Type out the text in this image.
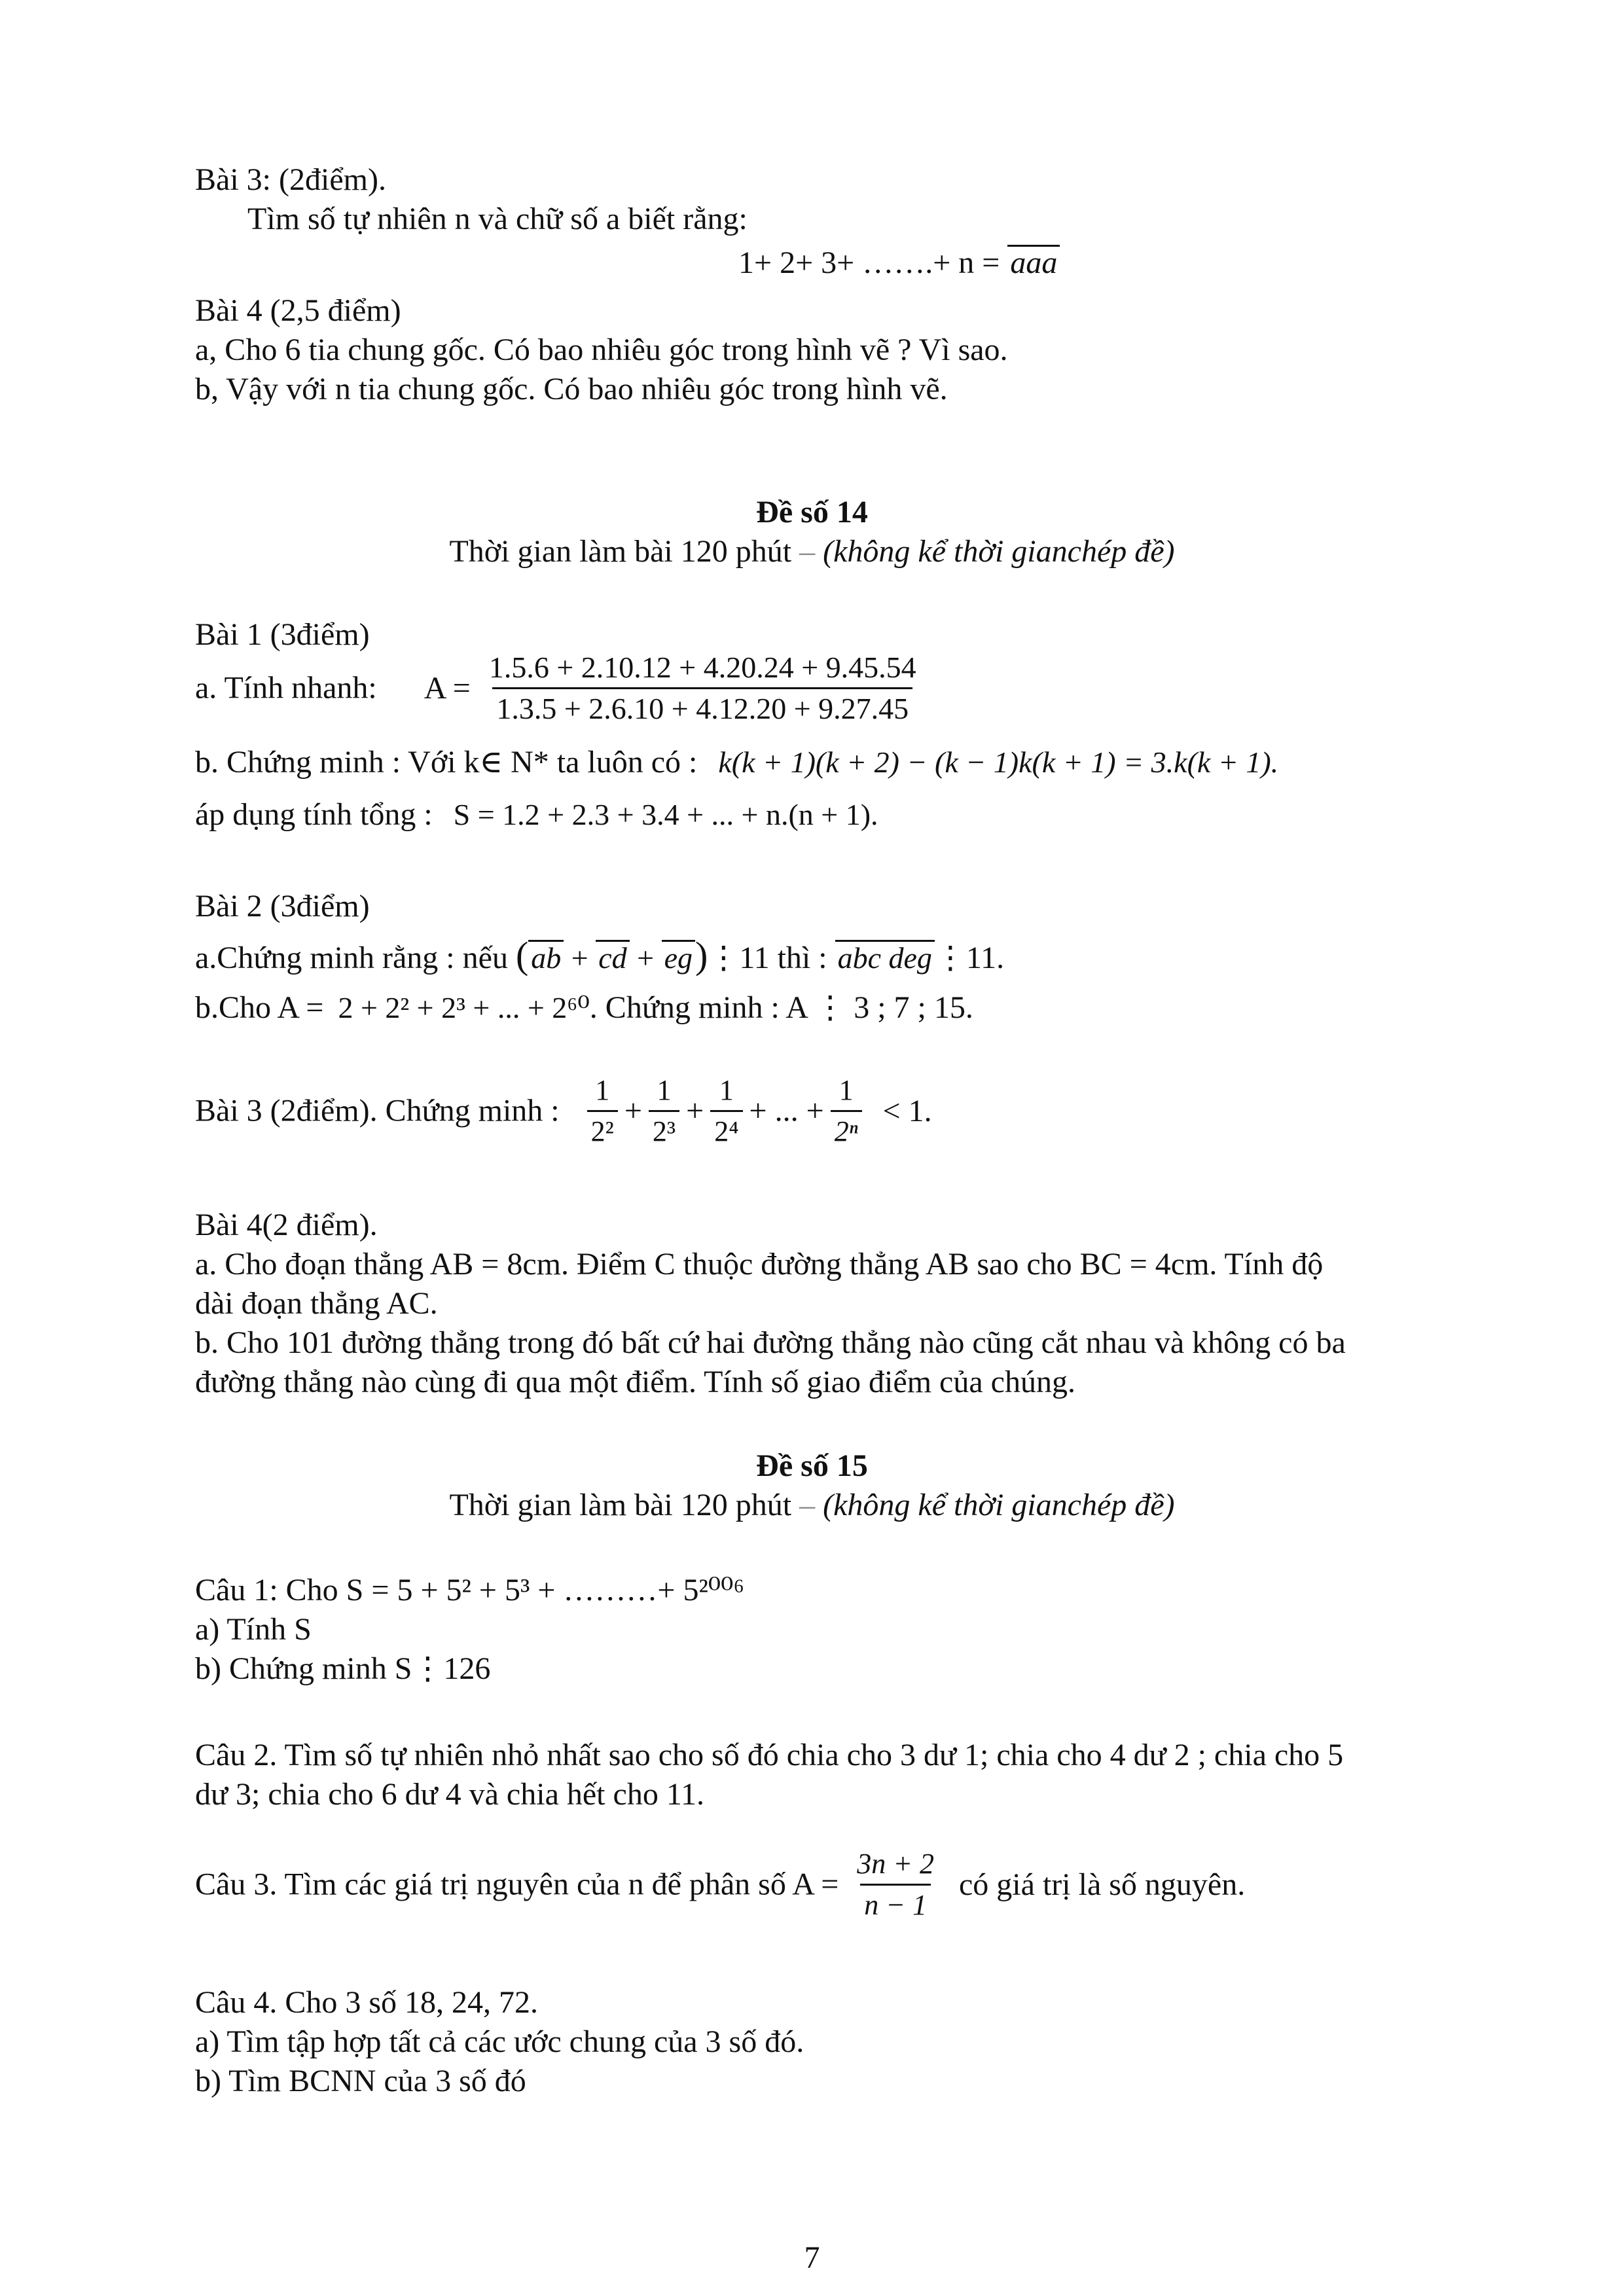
Bài 3: (2điểm).

Tìm số tự nhiên n và chữ số a biết rằng:

1+ 2+ 3+ …….+ n = aaa

Bài 4 (2,5 điểm)

a, Cho 6 tia chung gốc. Có bao nhiêu góc trong hình vẽ ? Vì sao.

b, Vậy với n tia chung gốc. Có bao nhiêu góc trong hình vẽ.

Đề số 14

Thời gian làm bài 120 phút – (không kể thời gianchép đề)

Bài 1 (3điểm)

a. Tính nhanh: $A = \frac{1.5.6 + 2.10.12 + 4.20.24 + 9.45.54}{1.3.5 + 2.6.10 + 4.12.20 + 9.27.45}$

b. Chứng minh : Với k∈ N* ta luôn có : k(k + 1)(k + 2) − (k − 1)k(k + 1) = 3.k(k + 1).

áp dụng tính tổng : S = 1.2 + 2.3 + 3.4 + ... + n.(n + 1).

Bài 2 (3điểm)

a.Chứng minh rằng : nếu (ab + cd + eg)⋮11 thì : abc deg⋮11.

b.Cho A = 2 + 2² + 2³ + ... + 2⁶⁰. Chứng minh : A ⋮ 3 ; 7 ; 15.

Bài 3 (2điểm). Chứng minh : $\frac{1}{\text{2²}} + \frac{1}{\text{2³}} + \frac{1}{\text{2⁴}}$ + ... + $\frac{1}{\text{2ⁿ}} < 1$.

Bài 4(2 điểm).

a. Cho đoạn thẳng AB = 8cm. Điểm C thuộc đường thẳng AB sao cho BC = 4cm. Tính độ

dài đoạn thẳng AC.

b. Cho 101 đường thẳng trong đó bất cứ hai đường thẳng nào cũng cắt nhau và không có ba

đường thẳng nào cùng đi qua một điểm. Tính số giao điểm của chúng.

Đề số 15

Thời gian làm bài 120 phút – (không kể thời gianchép đề)

Câu 1: Cho S = 5 + 5² + 5³ + ………+ 5²⁰⁰⁶

a) Tính S

b) Chứng minh S⋮126

Câu 2. Tìm số tự nhiên nhỏ nhất sao cho số đó chia cho 3 dư 1; chia cho 4 dư 2 ; chia cho 5

dư 3; chia cho 6 dư 4 và chia hết cho 11.

Câu 3. Tìm các giá trị nguyên của n để phân số $A = \frac{3n + 2}{n - 1}$ có giá trị là số nguyên.

Câu 4. Cho 3 số 18, 24, 72.

a) Tìm tập hợp tất cả các ước chung của 3 số đó.

b) Tìm BCNN của 3 số đó

7
